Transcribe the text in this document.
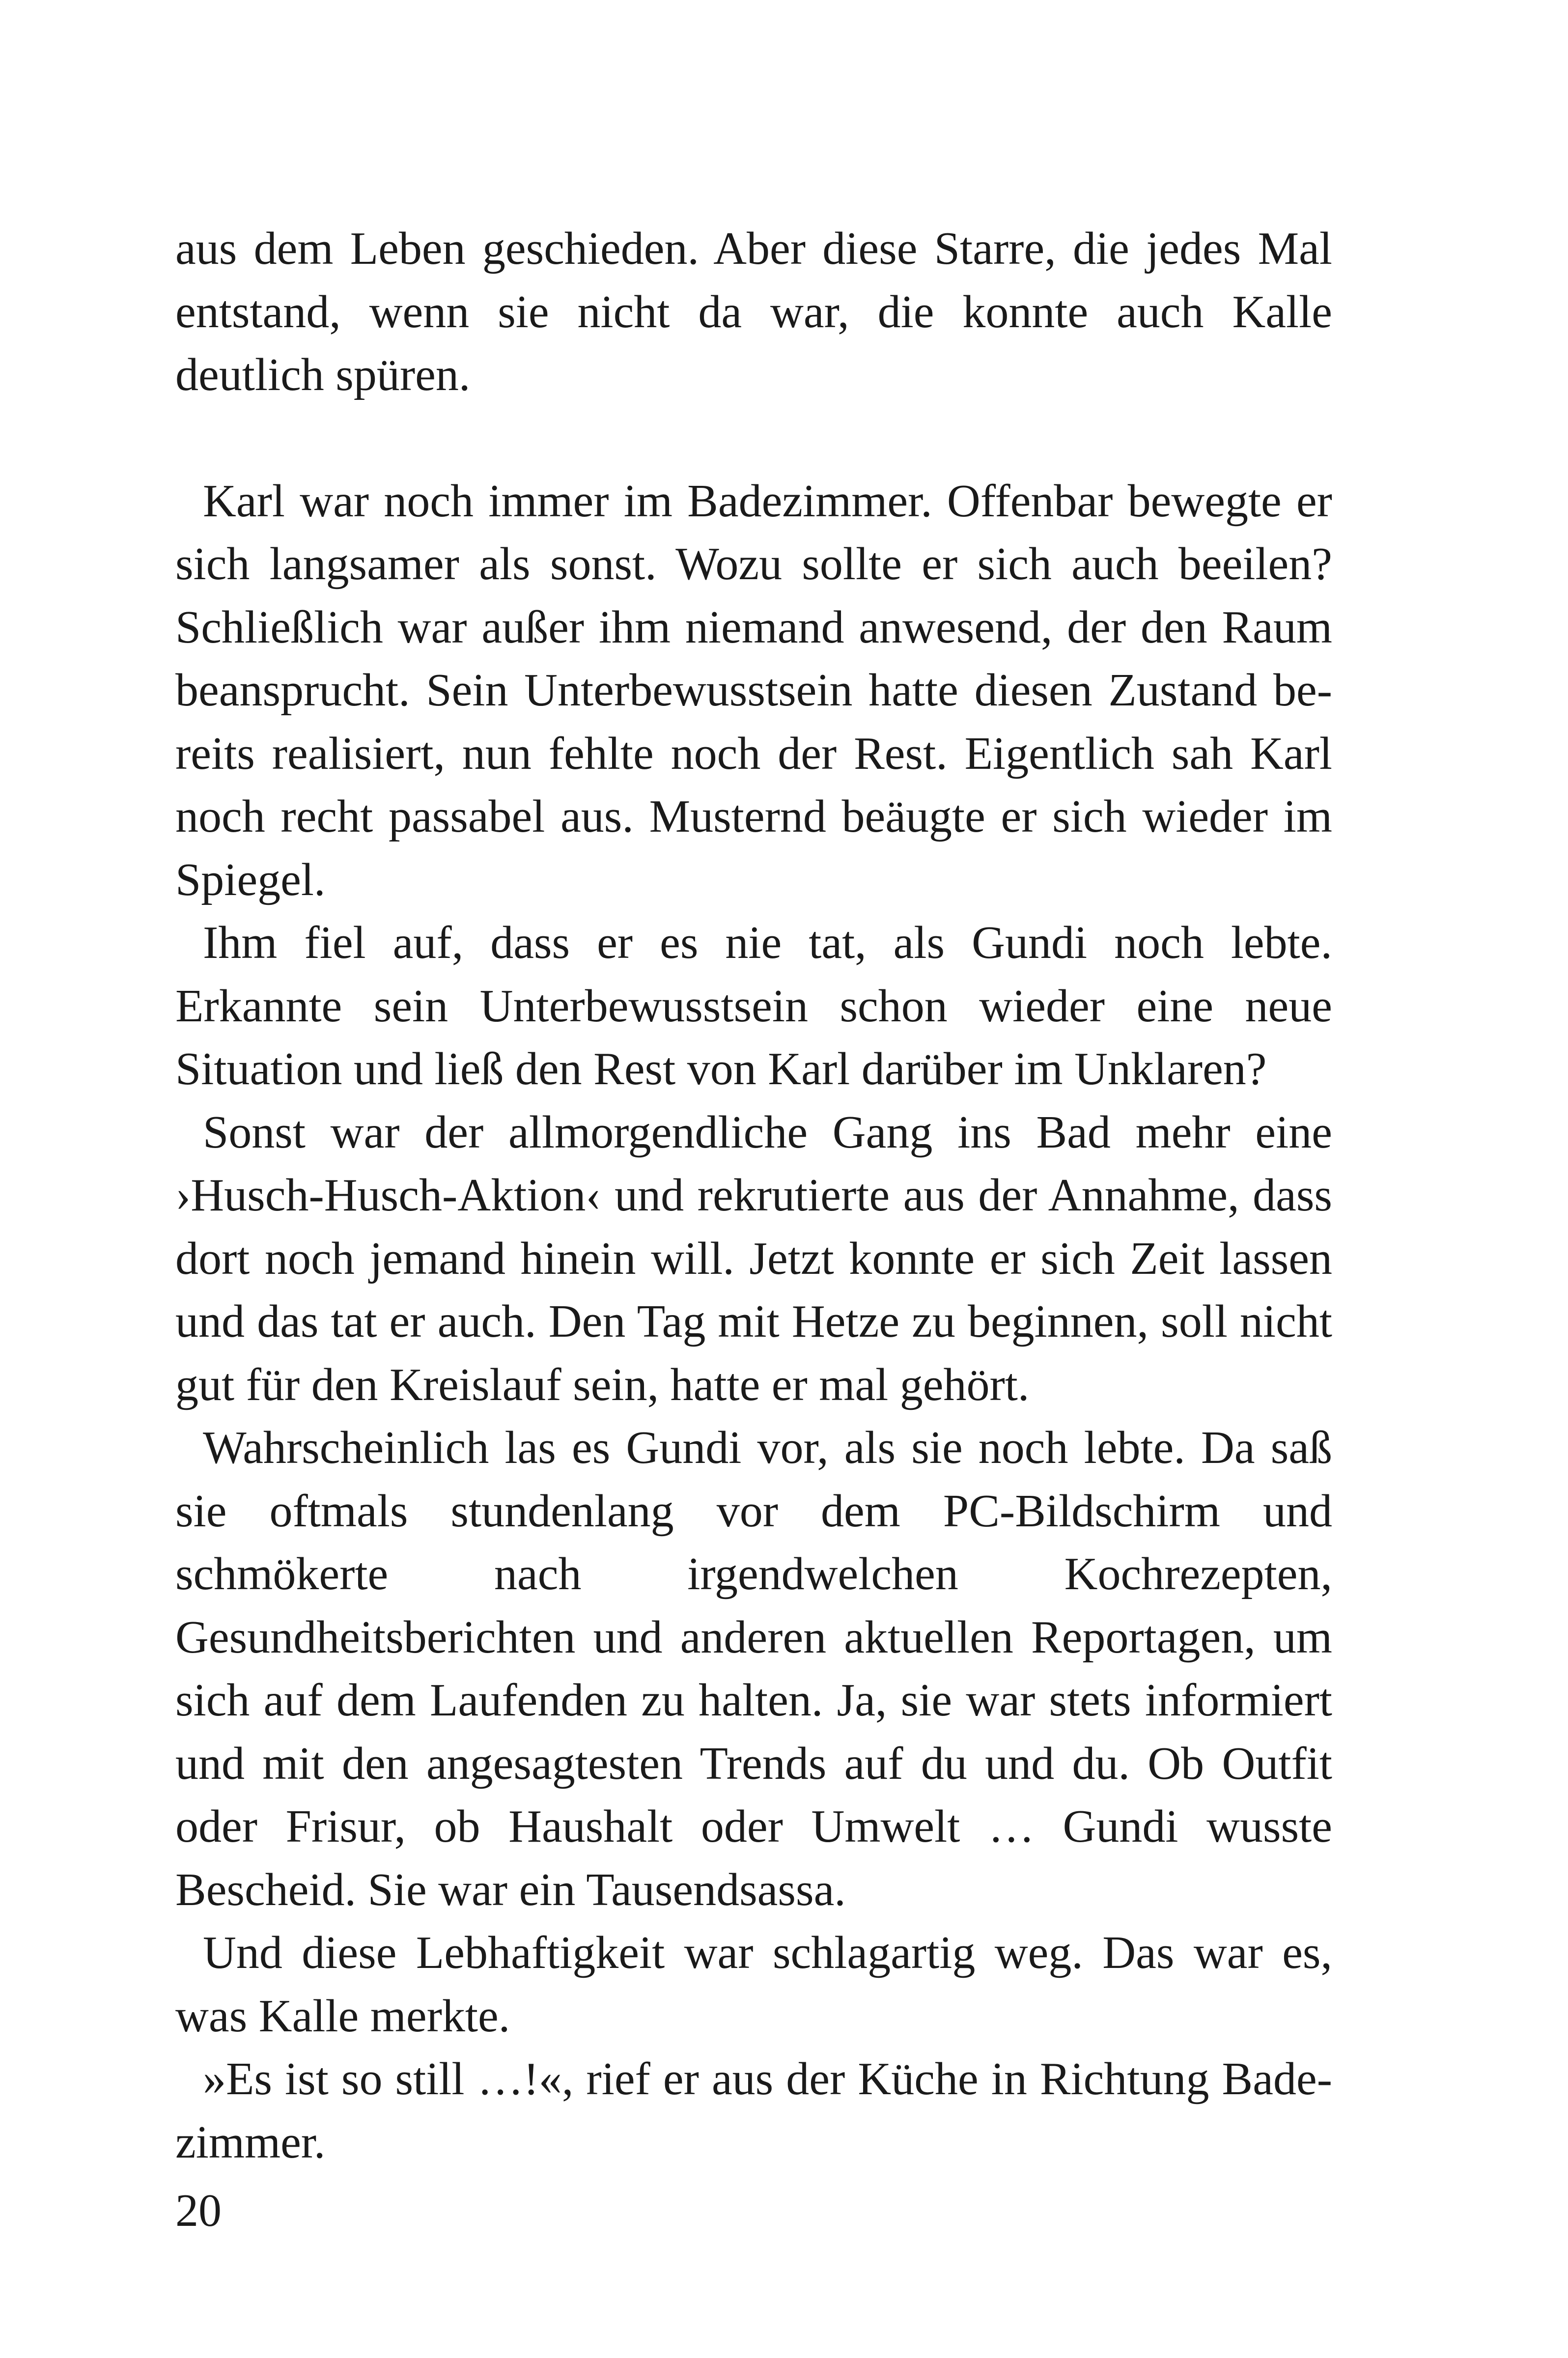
aus dem Leben geschieden. Aber diese Starre, die jedes Mal entstand, wenn sie nicht da war, die konnte auch Kalle deutlich spüren.

Karl war noch immer im Badezimmer. Offenbar bewegte er sich langsamer als sonst. Wozu sollte er sich auch beeilen? Schließlich war außer ihm niemand anwesend, der den Raum beansprucht. Sein Unterbewusstsein hatte diesen Zustand bereits realisiert, nun fehlte noch der Rest. Eigentlich sah Karl noch recht passabel aus. Musternd beäugte er sich wieder im Spiegel.

Ihm fiel auf, dass er es nie tat, als Gundi noch lebte. Erkannte sein Unterbewusstsein schon wieder eine neue Situation und ließ den Rest von Karl darüber im Unklaren?

Sonst war der allmorgendliche Gang ins Bad mehr eine ›Husch-Husch-Aktion‹ und rekrutierte aus der Annahme, dass dort noch jemand hinein will. Jetzt konnte er sich Zeit lassen und das tat er auch. Den Tag mit Hetze zu beginnen, soll nicht gut für den Kreislauf sein, hatte er mal gehört.

Wahrscheinlich las es Gundi vor, als sie noch lebte. Da saß sie oftmals stundenlang vor dem PC-Bildschirm und schmökerte nach irgendwelchen Kochrezepten, Gesundheitsberichten und anderen aktuellen Reportagen, um sich auf dem Laufenden zu halten. Ja, sie war stets informiert und mit den angesagtesten Trends auf du und du. Ob Outfit oder Frisur, ob Haushalt oder Umwelt … Gundi wusste Bescheid. Sie war ein Tausendsassa.

Und diese Lebhaftigkeit war schlagartig weg. Das war es, was Kalle merkte.

»Es ist so still …!«, rief er aus der Küche in Richtung Badezimmer.

20
